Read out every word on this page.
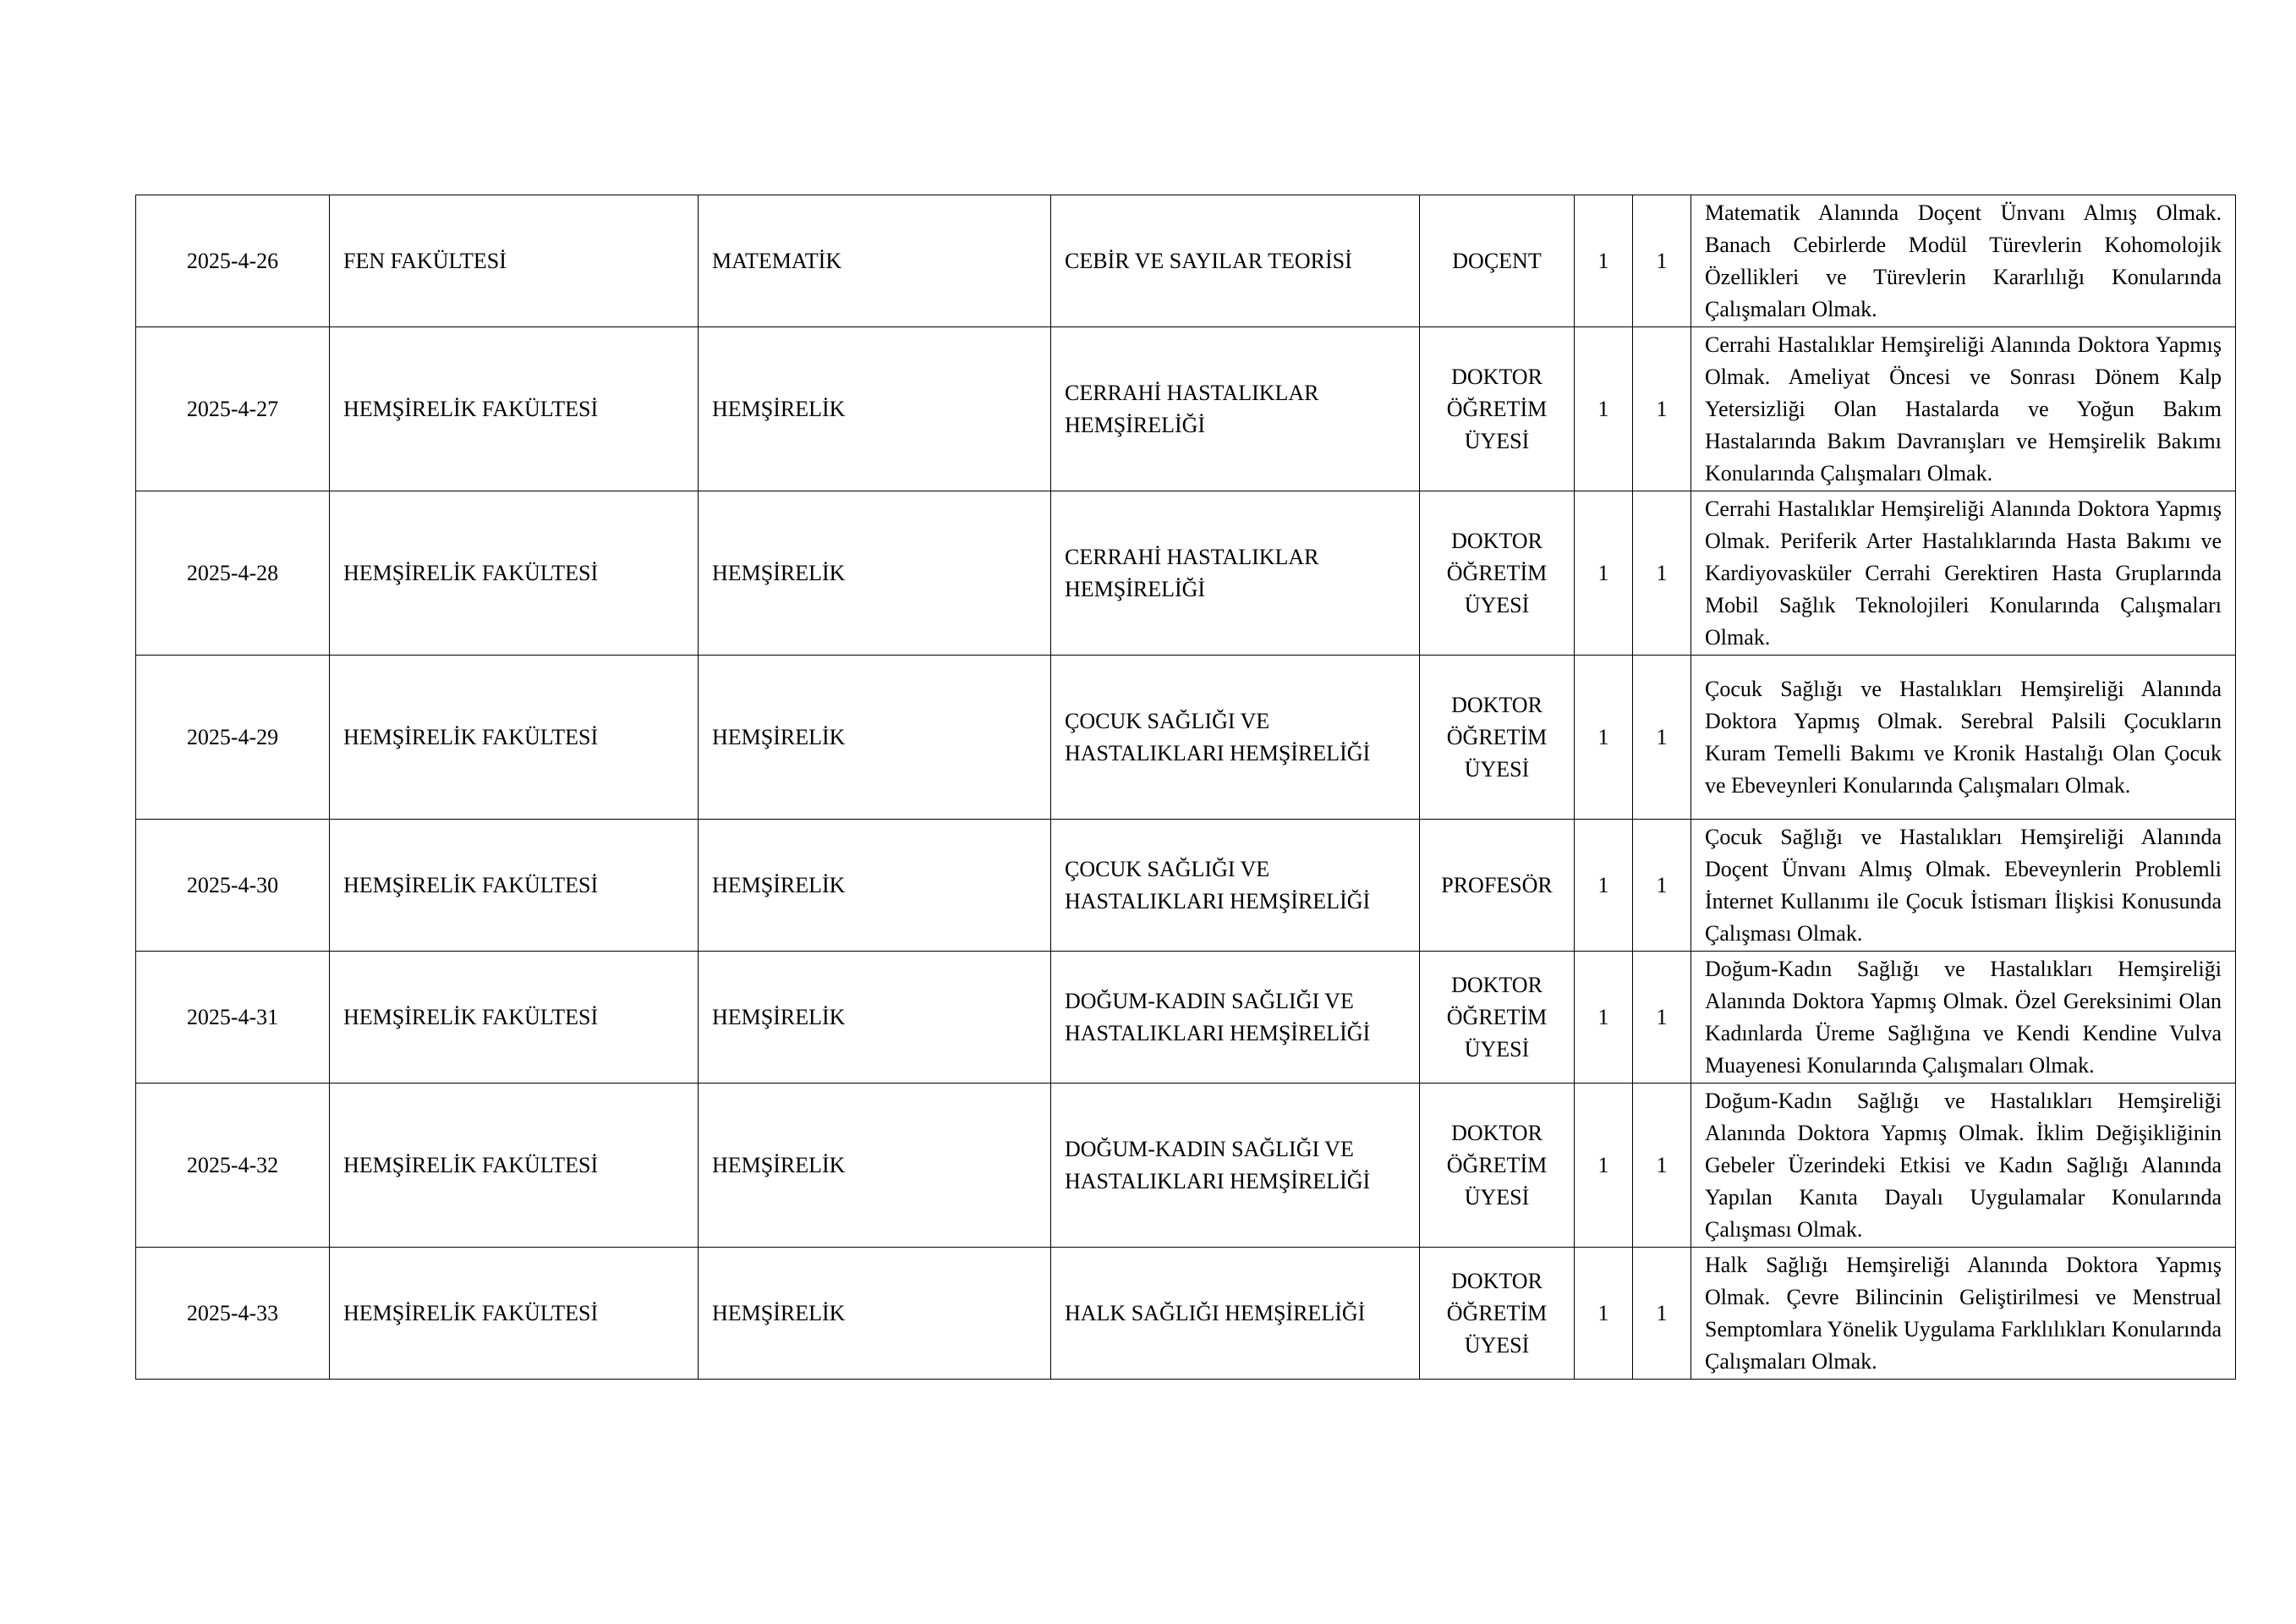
2025-4-26	FEN FAKÜLTESİ	MATEMATİK	CEBİR VE SAYILAR TEORİSİ	DOÇENT	1	1	Matematik Alanında Doçent Ünvanı Almış Olmak. Banach Cebirlerde Modül Türevlerin Kohomolojik Özellikleri ve Türevlerin Kararlılığı Konularında Çalışmaları Olmak.
2025-4-27	HEMŞİRELİK FAKÜLTESİ	HEMŞİRELİK	CERRAHİ HASTALIKLAR HEMŞİRELİĞİ	DOKTOR ÖĞRETİM ÜYESİ	1	1	Cerrahi Hastalıklar Hemşireliği Alanında Doktora Yapmış Olmak. Ameliyat Öncesi ve Sonrası Dönem Kalp Yetersizliği Olan Hastalarda ve Yoğun Bakım Hastalarında Bakım Davranışları ve Hemşirelik Bakımı Konularında Çalışmaları Olmak.
2025-4-28	HEMŞİRELİK FAKÜLTESİ	HEMŞİRELİK	CERRAHİ HASTALIKLAR HEMŞİRELİĞİ	DOKTOR ÖĞRETİM ÜYESİ	1	1	Cerrahi Hastalıklar Hemşireliği Alanında Doktora Yapmış Olmak. Periferik Arter Hastalıklarında Hasta Bakımı ve Kardiyovasküler Cerrahi Gerektiren Hasta Gruplarında Mobil Sağlık Teknolojileri Konularında Çalışmaları Olmak.
2025-4-29	HEMŞİRELİK FAKÜLTESİ	HEMŞİRELİK	ÇOCUK SAĞLIĞI VE HASTALIKLARI HEMŞİRELİĞİ	DOKTOR ÖĞRETİM ÜYESİ	1	1	Çocuk Sağlığı ve Hastalıkları Hemşireliği Alanında Doktora Yapmış Olmak. Serebral Palsili Çocukların Kuram Temelli Bakımı ve Kronik Hastalığı Olan Çocuk ve Ebeveynleri Konularında Çalışmaları Olmak.
2025-4-30	HEMŞİRELİK FAKÜLTESİ	HEMŞİRELİK	ÇOCUK SAĞLIĞI VE HASTALIKLARI HEMŞİRELİĞİ	PROFESÖR	1	1	Çocuk Sağlığı ve Hastalıkları Hemşireliği Alanında Doçent Ünvanı Almış Olmak. Ebeveynlerin Problemli İnternet Kullanımı ile Çocuk İstismarı İlişkisi Konusunda Çalışması Olmak.
2025-4-31	HEMŞİRELİK FAKÜLTESİ	HEMŞİRELİK	DOĞUM-KADIN SAĞLIĞI VE HASTALIKLARI HEMŞİRELİĞİ	DOKTOR ÖĞRETİM ÜYESİ	1	1	Doğum-Kadın Sağlığı ve Hastalıkları Hemşireliği Alanında Doktora Yapmış Olmak. Özel Gereksinimi Olan Kadınlarda Üreme Sağlığına ve Kendi Kendine Vulva Muayenesi Konularında Çalışmaları Olmak.
2025-4-32	HEMŞİRELİK FAKÜLTESİ	HEMŞİRELİK	DOĞUM-KADIN SAĞLIĞI VE HASTALIKLARI HEMŞİRELİĞİ	DOKTOR ÖĞRETİM ÜYESİ	1	1	Doğum-Kadın Sağlığı ve Hastalıkları Hemşireliği Alanında Doktora Yapmış Olmak. İklim Değişikliğinin Gebeler Üzerindeki Etkisi ve Kadın Sağlığı Alanında Yapılan Kanıta Dayalı Uygulamalar Konularında Çalışması Olmak.
2025-4-33	HEMŞİRELİK FAKÜLTESİ	HEMŞİRELİK	HALK SAĞLIĞI HEMŞİRELİĞİ	DOKTOR ÖĞRETİM ÜYESİ	1	1	Halk Sağlığı Hemşireliği Alanında Doktora Yapmış Olmak. Çevre Bilincinin Geliştirilmesi ve Menstrual Semptomlara Yönelik Uygulama Farklılıkları Konularında Çalışmaları Olmak.
